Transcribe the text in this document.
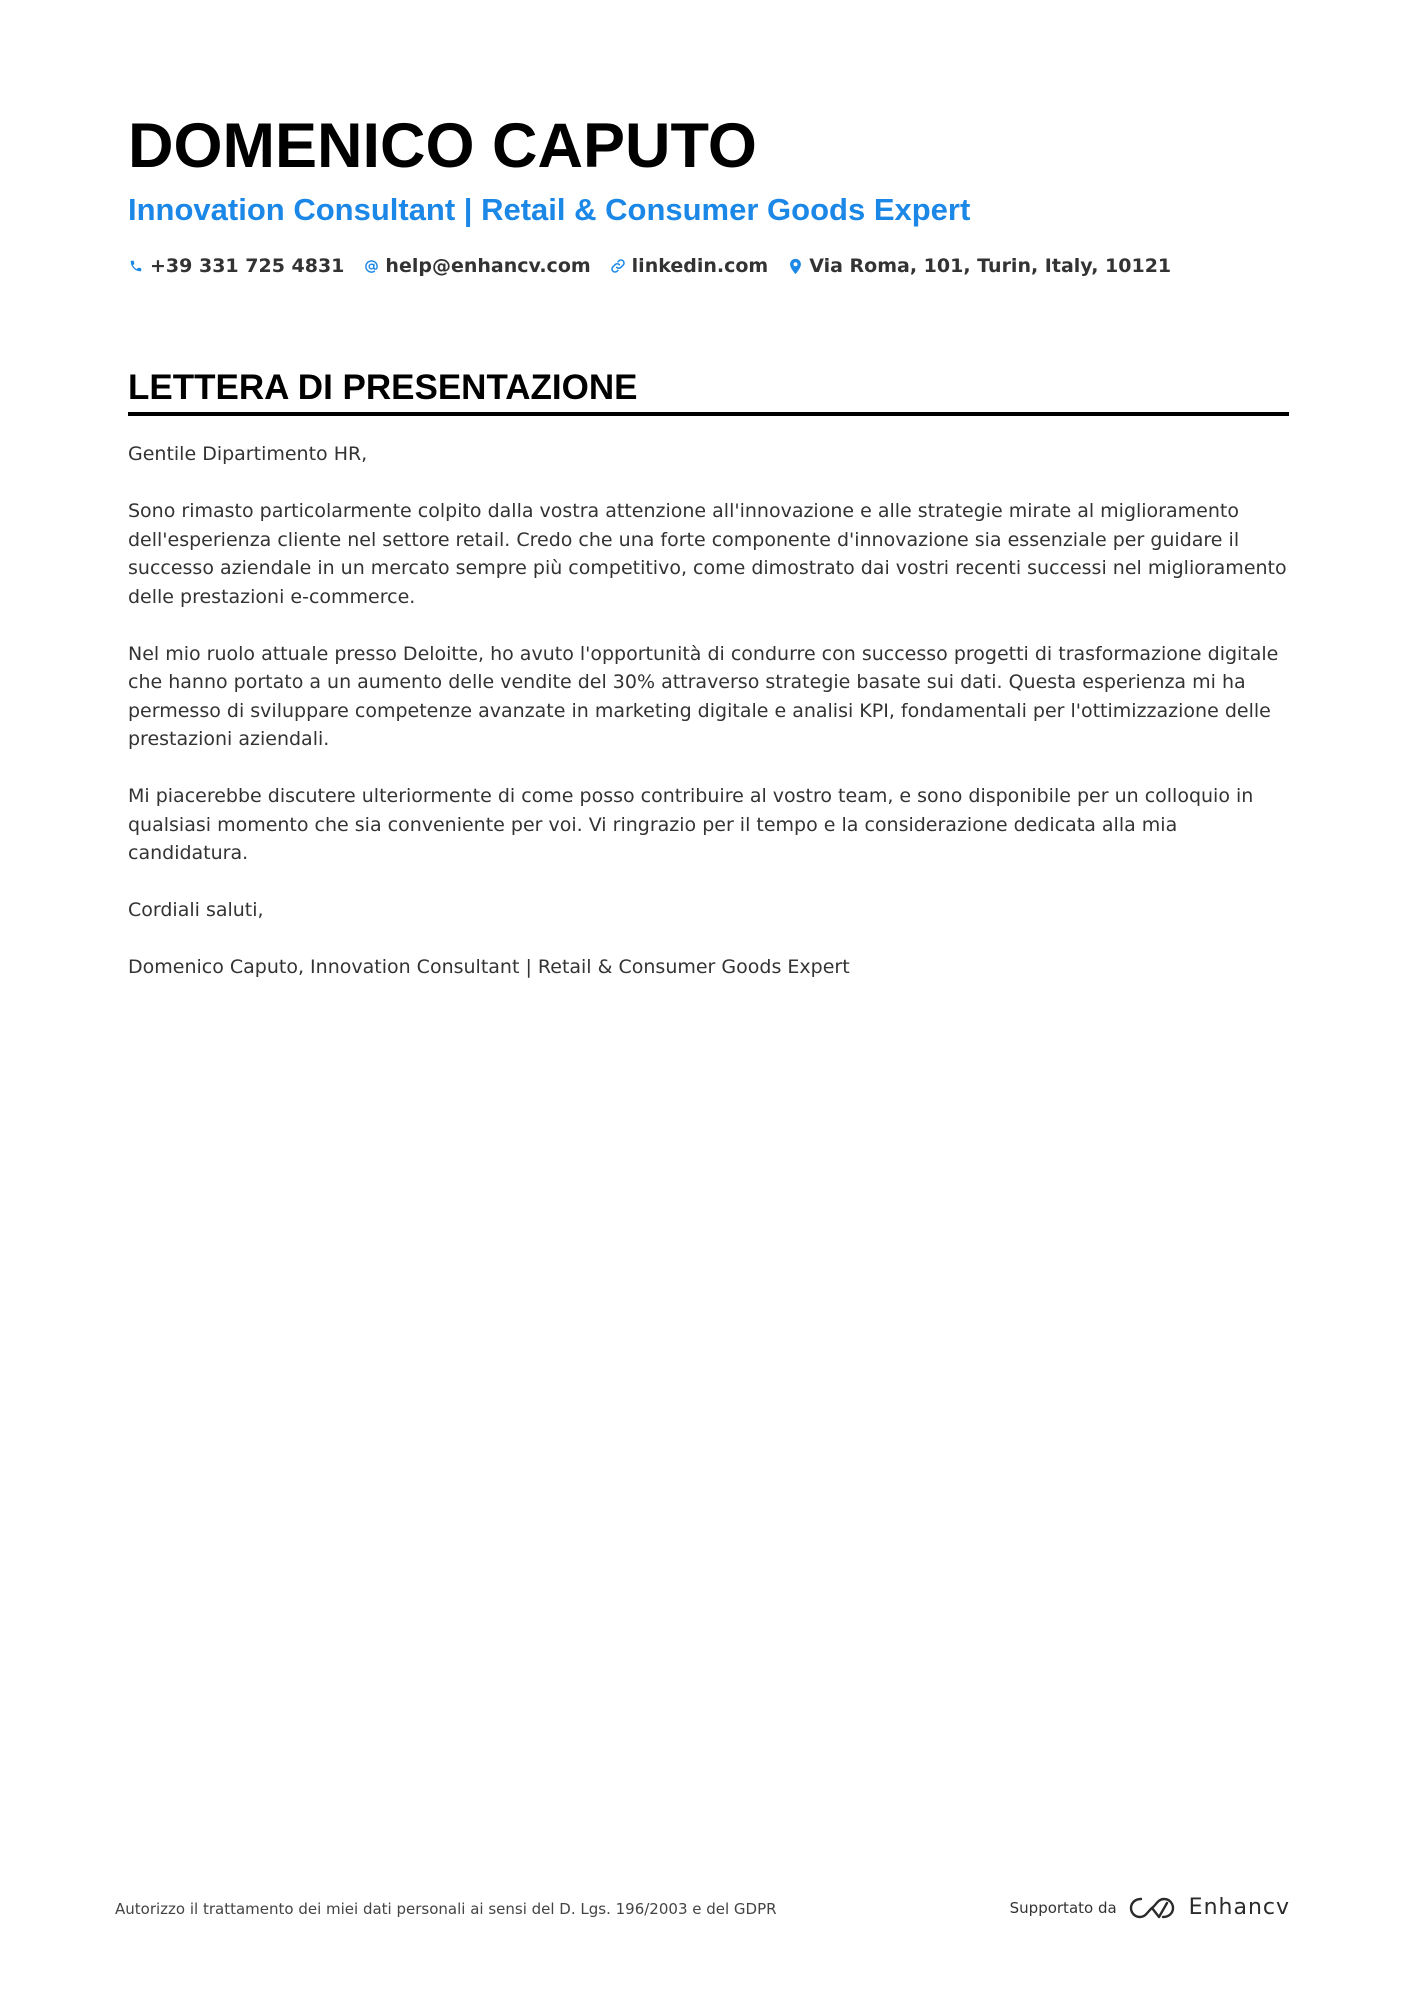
DOMENICO CAPUTO
Innovation Consultant | Retail & Consumer Goods Expert
+39 331 725 4831 help@enhancv.com linkedin.com Via Roma, 101, Turin, Italy, 10121
LETTERA DI PRESENTAZIONE

Gentile Dipartimento HR,

Sono rimasto particolarmente colpito dalla vostra attenzione all'innovazione e alle strategie mirate al miglioramento dell'esperienza cliente nel settore retail. Credo che una forte componente d'innovazione sia essenziale per guidare il successo aziendale in un mercato sempre più competitivo, come dimostrato dai vostri recenti successi nel miglioramento delle prestazioni e-commerce.

Nel mio ruolo attuale presso Deloitte, ho avuto l'opportunità di condurre con successo progetti di trasformazione digitale che hanno portato a un aumento delle vendite del 30% attraverso strategie basate sui dati. Questa esperienza mi ha permesso di sviluppare competenze avanzate in marketing digitale e analisi KPI, fondamentali per l'ottimizzazione delle prestazioni aziendali.

Mi piacerebbe discutere ulteriormente di come posso contribuire al vostro team, e sono disponibile per un colloquio in qualsiasi momento che sia conveniente per voi. Vi ringrazio per il tempo e la considerazione dedicata alla mia candidatura.

Cordiali saluti,

Domenico Caputo, Innovation Consultant | Retail & Consumer Goods Expert

Autorizzo il trattamento dei miei dati personali ai sensi del D. Lgs. 196/2003 e del GDPR	Supportato da	Enhancv
